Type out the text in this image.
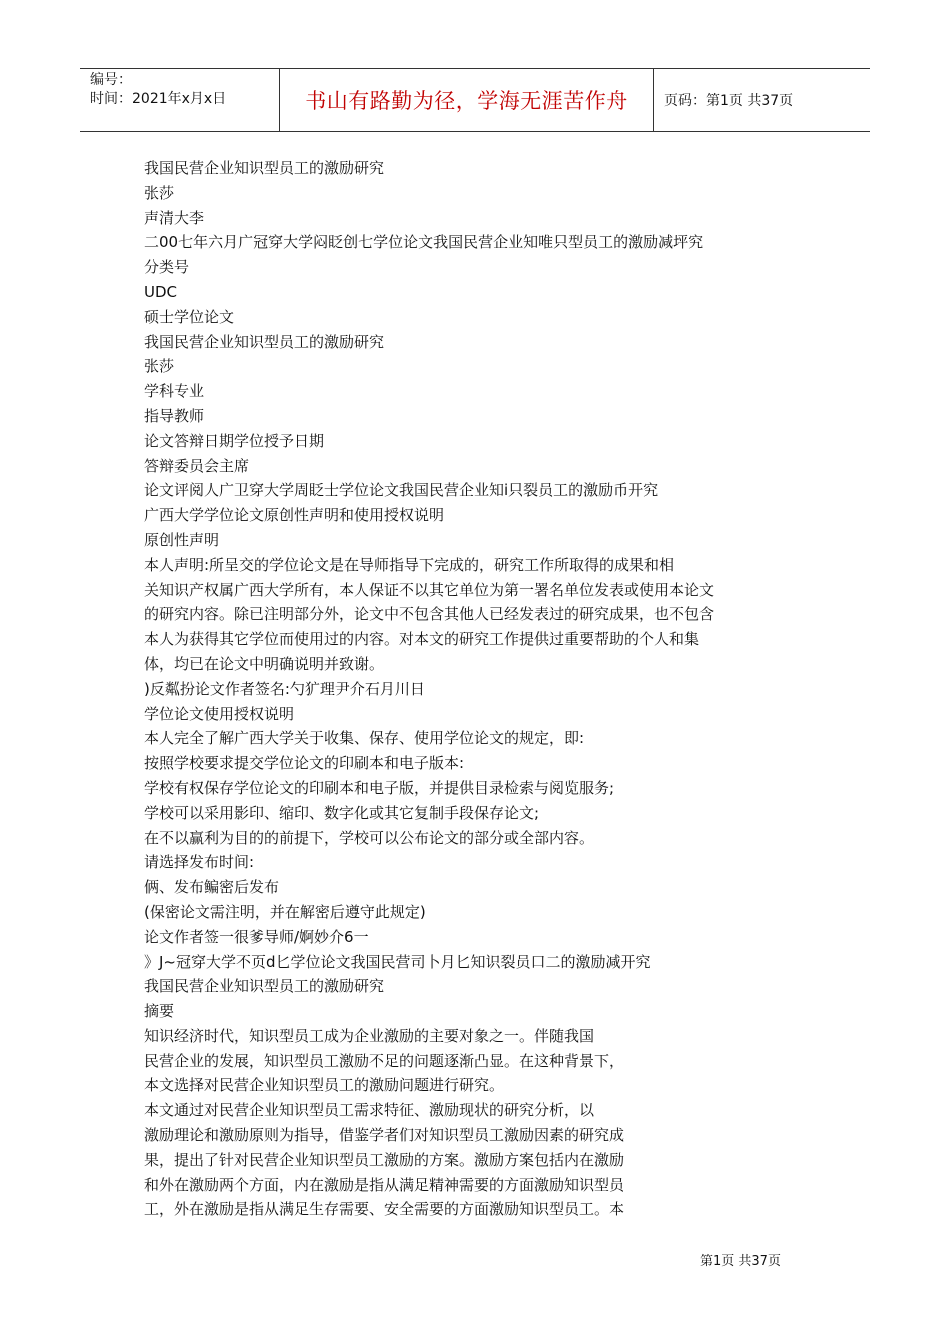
编号：
时间：2021年x月x日	书山有路勤为径，学海无涯苦作舟	页码：第1页 共37页
我国民营企业知识型员工的激励研究
张莎
声清大李
二00七年六月广冠穿大学闷眨创七学位论文我国民营企业知唯只型员工的激励减坪究
分类号
UDC
硕士学位论文
我国民营企业知识型员工的激励研究
张莎
学科专业
指导教师
论文答辩日期学位授予日期
答辩委员会主席
论文评阅人广卫穿大学周眨士学位论文我国民营企业知i只裂员工的激励币开究
广西大学学位论文原创性声明和使用授权说明
原创性声明
本人声明:所呈交的学位论文是在导师指导下完成的，研究工作所取得的成果和相
关知识产权属广西大学所有，本人保证不以其它单位为第一署名单位发表或使用本论文
的研究内容。除已注明部分外，论文中不包含其他人已经发表过的研究成果，也不包含
本人为获得其它学位而使用过的内容。对本文的研究工作提供过重要帮助的个人和集
体，均已在论文中明确说明并致谢。
)反粼扮论文作者签名:勺犷理尹介石月川日
学位论文使用授权说明
本人完全了解广西大学关于收集、保存、使用学位论文的规定，即:
按照学校要求提交学位论文的印刷本和电子版本:
学校有权保存学位论文的印刷本和电子版，并提供目录检索与阅览服务;
学校可以采用影印、缩印、数字化或其它复制手段保存论文;
在不以赢利为目的的前提下，学校可以公布论文的部分或全部内容。
请选择发布时间:
俩、发布鳊密后发布
(保密论文需注明，并在解密后遵守此规定)
论文作者签一很爹导师/婀妙介6一
》J~冠穿大学不页d匕学位论文我国民营司卜月匕知识裂员口二的激励减开究
我国民营企业知识型员工的激励研究
摘要
知识经济时代，知识型员工成为企业激励的主要对象之一。伴随我国
民营企业的发展，知识型员工激励不足的问题逐渐凸显。在这种背景下，
本文选择对民营企业知识型员工的激励问题进行研究。
本文通过对民营企业知识型员工需求特征、激励现状的研究分析，以
激励理论和激励原则为指导，借鉴学者们对知识型员工激励因素的研究成
果，提出了针对民营企业知识型员工激励的方案。激励方案包括内在激励
和外在激励两个方面，内在激励是指从满足精神需要的方面激励知识型员
工，外在激励是指从满足生存需要、安全需要的方面激励知识型员工。本
第1页 共37页
